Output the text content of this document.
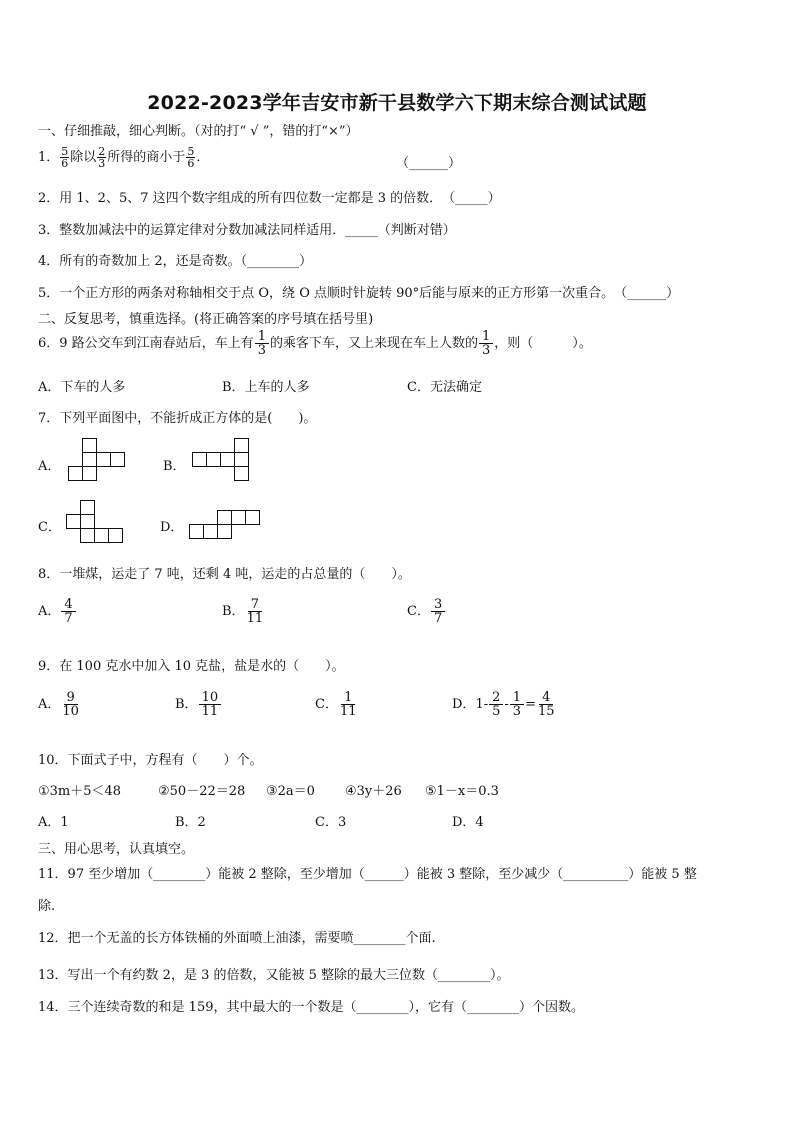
2022-2023学年吉安市新干县数学六下期末综合测试试题
一、仔细推敲，细心判断。（对的打“ √ ”，错的打“×”）
1． $\frac{5}{6}$ 除以 $\frac{2}{3}$ 所得的商小于 $\frac{5}{6}$ ．	（______）
2．用 1、2、5、7 这四个数字组成的所有四位数一定都是 3 的倍数．　（_____）
3．整数加减法中的运算定律对分数加减法同样适用．_____（判断对错）
4．所有的奇数加上 2，还是奇数。（________）
5．一个正方形的两条对称轴相交于点 O，绕 O 点顺时针旋转 90°后能与原来的正方形第一次重合。　（______）
二、反复思考，慎重选择。(将正确答案的序号填在括号里)
6．9 路公交车到江南春站后，车上有 $\frac{1}{3}$ 的乘客下车，又上来现在车上人数的 $\frac{1}{3}$ ，则（　　　）。
A．下车的人多	B．上车的人多	C．无法确定
7．下列平面图中，不能折成正方体的是(　　)。
A．	B．
C．	D．
8．一堆煤，运走了 7 吨，还剩 4 吨，运走的占总量的（　　）。
A． $\frac{4}{7}$	B． $\frac{7}{11}$	C． $\frac{3}{7}$
9．在 100 克水中加入 10 克盐，盐是水的（　　）。
A． $\frac{9}{10}$	B． $\frac{10}{11}$	C． $\frac{1}{11}$	D．$1- \frac{2}{5} - \frac{1}{3} = \frac{4}{15}$
10．下面式子中，方程有（　　）个。
①3m＋5＜48	②50－22＝28 ③2a＝0 ④3y＋26 ⑤1－x＝0.3
A．1	B．2	C．3	D．4
三、用心思考，认真填空。
11．97 至少增加（________）能被 2 整除，至少增加（______）能被 3 整除，至少减少（__________）能被 5 整
除.
12．把一个无盖的长方体铁桶的外面喷上油漆，需要喷________个面.
13．写出一个有约数 2，是 3 的倍数，又能被 5 整除的最大三位数（________）。
14．三个连续奇数的和是 159，其中最大的一个数是（________），它有（________）个因数。
